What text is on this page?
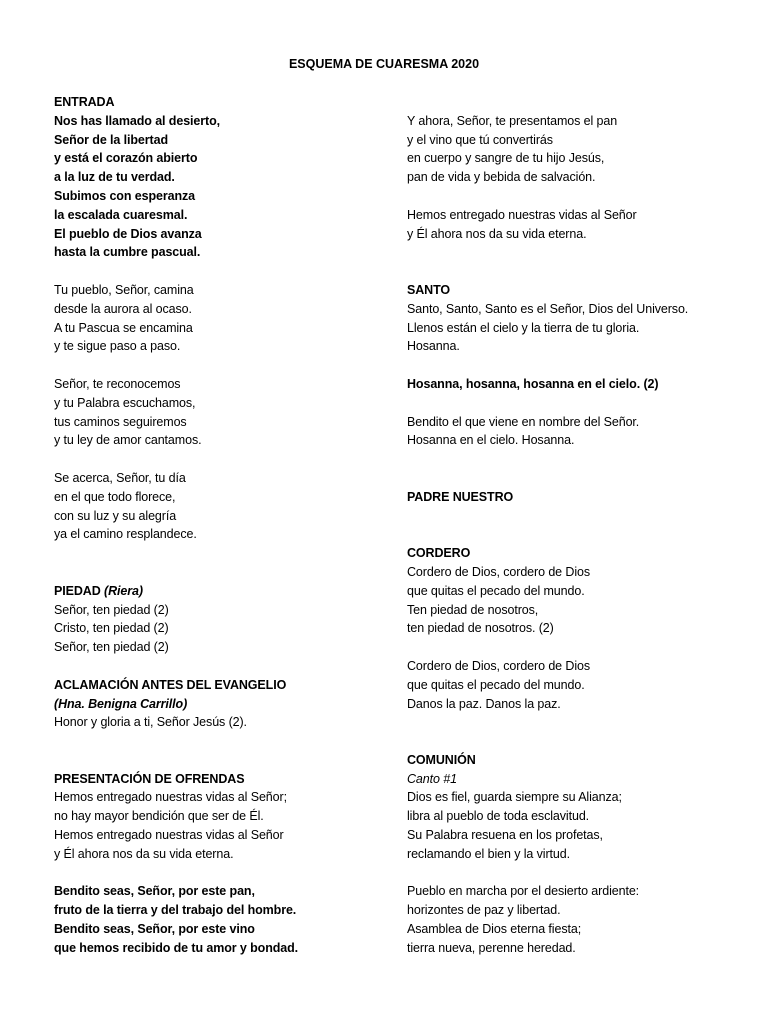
ESQUEMA DE CUARESMA 2020
ENTRADA
Nos has llamado al desierto,
Señor de la libertad
y está el corazón abierto
a la luz de tu verdad.
Subimos con esperanza
la escalada cuaresmal.
El pueblo de Dios avanza
hasta la cumbre pascual.
Tu pueblo, Señor, camina
desde la aurora al ocaso.
A tu Pascua se encamina
y te sigue paso a paso.
Señor, te reconocemos
y tu Palabra escuchamos,
tus caminos seguiremos
y tu ley de amor cantamos.
Se acerca, Señor, tu día
en el que todo florece,
con su luz y su alegría
ya el camino resplandece.
PIEDAD (Riera)
Señor, ten piedad (2)
Cristo, ten piedad (2)
Señor, ten piedad (2)
ACLAMACIÓN ANTES DEL EVANGELIO
(Hna. Benigna Carrillo)
Honor y gloria a ti, Señor Jesús (2).
PRESENTACIÓN DE OFRENDAS
Hemos entregado nuestras vidas al Señor;
no hay mayor bendición que ser de Él.
Hemos entregado nuestras vidas al Señor
y Él ahora nos da su vida eterna.
Bendito seas, Señor, por este pan,
fruto de la tierra y del trabajo del hombre.
Bendito seas, Señor, por este vino
que hemos recibido de tu amor y bondad.
Y ahora, Señor, te presentamos el pan
y el vino que tú convertirás
en cuerpo y sangre de tu hijo Jesús,
pan de vida y bebida de salvación.
Hemos entregado nuestras vidas al Señor
y Él ahora nos da su vida eterna.
SANTO
Santo, Santo, Santo es el Señor, Dios del Universo.
Llenos están el cielo y la tierra de tu gloria.
Hosanna.
Hosanna, hosanna, hosanna en el cielo. (2)
Bendito el que viene en nombre del Señor.
Hosanna en el cielo. Hosanna.
PADRE NUESTRO
CORDERO
Cordero de Dios, cordero de Dios
que quitas el pecado del mundo.
Ten piedad de nosotros,
ten piedad de nosotros. (2)
Cordero de Dios, cordero de Dios
que quitas el pecado del mundo.
Danos la paz. Danos la paz.
COMUNIÓN
Canto #1
Dios es fiel, guarda siempre su Alianza;
libra al pueblo de toda esclavitud.
Su Palabra resuena en los profetas,
reclamando el bien y la virtud.
Pueblo en marcha por el desierto ardiente:
horizontes de paz y libertad.
Asamblea de Dios eterna fiesta;
tierra nueva, perenne heredad.
